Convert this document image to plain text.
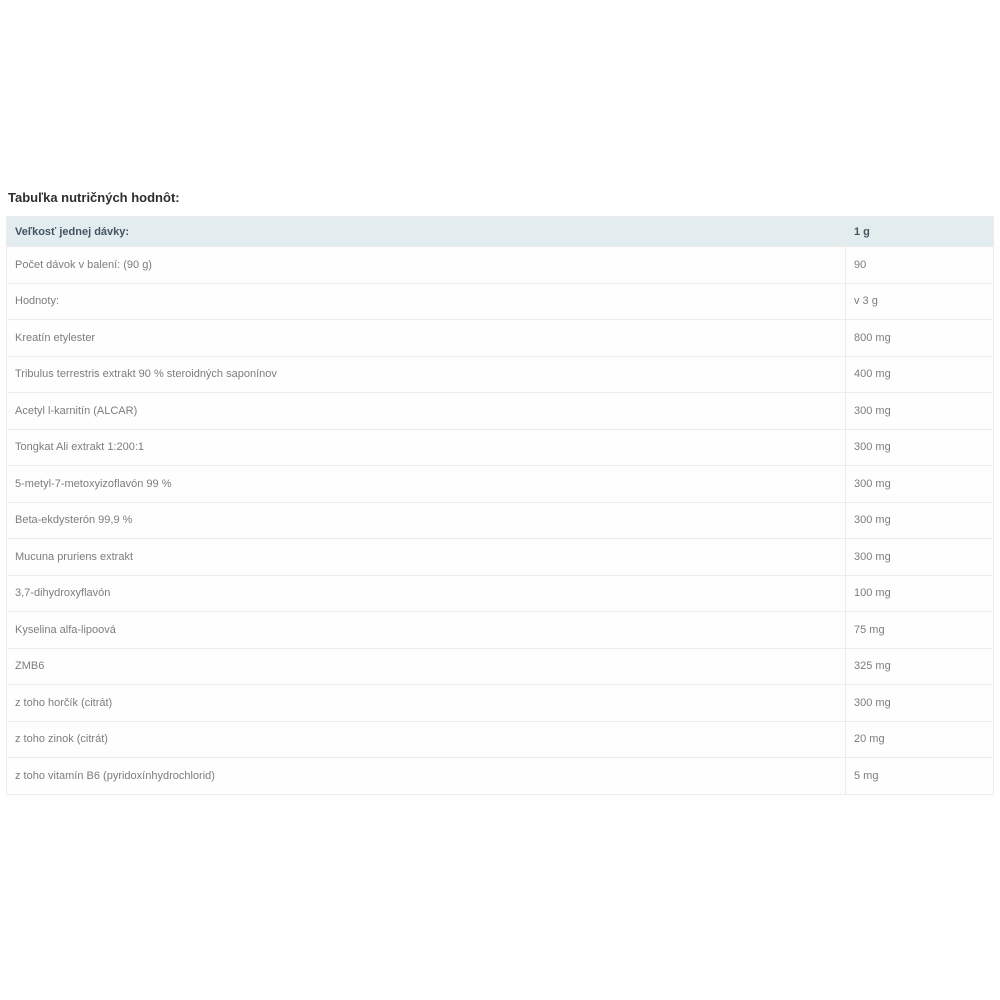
Tabuľka nutričných hodnôt:
Veľkosť jednej dávky:	1 g
Počet dávok v balení: (90 g)	90
Hodnoty:	v 3 g
Kreatín etylester	800 mg
Tribulus terrestris extrakt 90 % steroidných saponínov	400 mg
Acetyl l-karnitín (ALCAR)	300 mg
Tongkat Ali extrakt 1:200:1	300 mg
5-metyl-7-metoxyizoflavón 99 %	300 mg
Beta-ekdysterón 99,9 %	300 mg
Mucuna pruriens extrakt	300 mg
3,7-dihydroxyflavón	100 mg
Kyselina alfa-lipoová	75 mg
ZMB6	325 mg
z toho horčík (citrát)	300 mg
z toho zinok (citrát)	20 mg
z toho vitamín B6 (pyridoxínhydrochlorid)	5 mg
